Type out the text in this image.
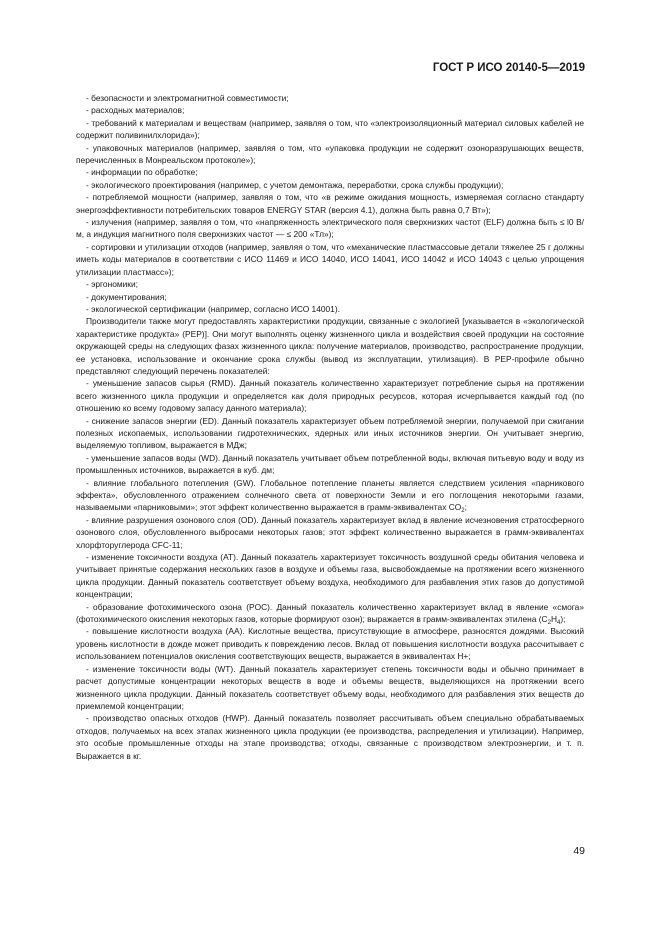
ГОСТ Р ИСО 20140-5—2019

- безопасности и электромагнитной совместимости;

- расходных материалов;

- требований к материалам и веществам (например, заявляя о том, что «электроизоляционный материал силовых кабелей не содержит поливинилхлорида»);

- упаковочных материалов (например, заявляя о том, что «упаковка продукции не содержит озоноразрушающих веществ, перечисленных в Монреальском протоколе»);

- информации по обработке;

- экологического проектирования (например, с учетом демонтажа, переработки, срока службы продукции);

- потребляемой мощности (например, заявляя о том, что «в режиме ожидания мощность, измеряемая согласно стандарту энергоэффективности потребительских товаров ENERGY STAR (версия 4.1), должна быть равна 0,7 Вт»);

- излучения (например, заявляя о том, что «напряженность электрического поля сверхнизких частот (ELF) должна быть ≤ l0 В/м, а индукция магнитного поля сверхнизких частот — ≤ 200 «Тл»);

- сортировки и утилизации отходов (например, заявляя о том, что «механические пластмассовые детали тяжелее 25 г должны иметь коды материалов в соответствии с ИСО 11469 и ИСО 14040, ИСО 14041, ИСО 14042 и ИСО 14043 с целью упрощения утилизации пластмасс»);

- эргономики;

- документирования;

- экологической сертификации (например, согласно ИСО 14001).

Производители также могут предоставлять характеристики продукции, связанные с экологией [указывается в «экологической характеристике продукта» (PEP)]. Они могут выполнять оценку жизненного цикла и воздействия своей продукции на состояние окружающей среды на следующих фазах жизненного цикла: получение материалов, производство, распространение продукции, ее установка, использование и окончание срока службы (вывод из эксплуатации, утилизация). В PEP-профиле обычно представляют следующий перечень показателей:

- уменьшение запасов сырья (RMD). Данный показатель количественно характеризует потребление сырья на протяжении всего жизненного цикла продукции и определяется как доля природных ресурсов, которая исчерпывается каждый год (по отношению ко всему годовому запасу данного материала);

- снижение запасов энергии (ED). Данный показатель характеризует объем потребляемой энергии, получаемой при сжигании полезных ископаемых, использовании гидротехнических, ядерных или иных источников энергии. Он учитывает энергию, выделяемую топливом, выражается в МДж;

- уменьшение запасов воды (WD). Данный показатель учитывает объем потребленной воды, включая питьевую воду и воду из промышленных источников, выражается в куб. дм;

- влияние глобального потепления (GW). Глобальное потепление планеты является следствием усиления «парникового эффекта», обусловленного отражением солнечного света от поверхности Земли и его поглощения некоторыми газами, называемыми «парниковыми»; этот эффект количественно выражается в грамм-эквивалентах $CO_2$;

- влияние разрушения озонового слоя (OD). Данный показатель характеризует вклад в явление исчезновения стратосферного озонового слоя, обусловленного выбросами некоторых газов; этот эффект количественно выражается в грамм-эквивалентах хлорфторуглерода CFC-11;

- изменение токсичности воздуха (AT). Данный показатель характеризует токсичность воздушной среды обитания человека и учитывает принятые содержания нескольких газов в воздухе и объемы газа, высвобождаемые на протяжении всего жизненного цикла продукции. Данный показатель соответствует объему воздуха, необходимого для разбавления этих газов до допустимой концентрации;

- образование фотохимического озона (POC). Данный показатель количественно характеризует вклад в явление «смога» (фотохимического окисления некоторых газов, которые формируют озон); выражается в грамм-эквивалентах этилена $(C_2H_4)$;

- повышение кислотности воздуха (AA). Кислотные вещества, присутствующие в атмосфере, разносятся дождями. Высокий уровень кислотности в дожде может приводить к повреждению лесов. Вклад от повышения кислотности воздуха рассчитывает с использованием потенциалов окисления соответствующих веществ, выражается в эквивалентах H+;

- изменение токсичности воды (WT). Данный показатель характеризует степень токсичности воды и обычно принимает в расчет допустимые концентрации некоторых веществ в воде и объемы веществ, выделяющихся на протяжении всего жизненного цикла продукции. Данный показатель соответствует объему воды, необходимого для разбавления этих веществ до приемлемой концентрации;

- производство опасных отходов (HWP). Данный показатель позволяет рассчитывать объем специально обрабатываемых отходов, получаемых на всех этапах жизненного цикла продукции (ее производства, распределения и утилизации). Например, это особые промышленные отходы на этапе производства; отходы, связанные с производством электроэнергии, и т. п. Выражается в кг.

49
